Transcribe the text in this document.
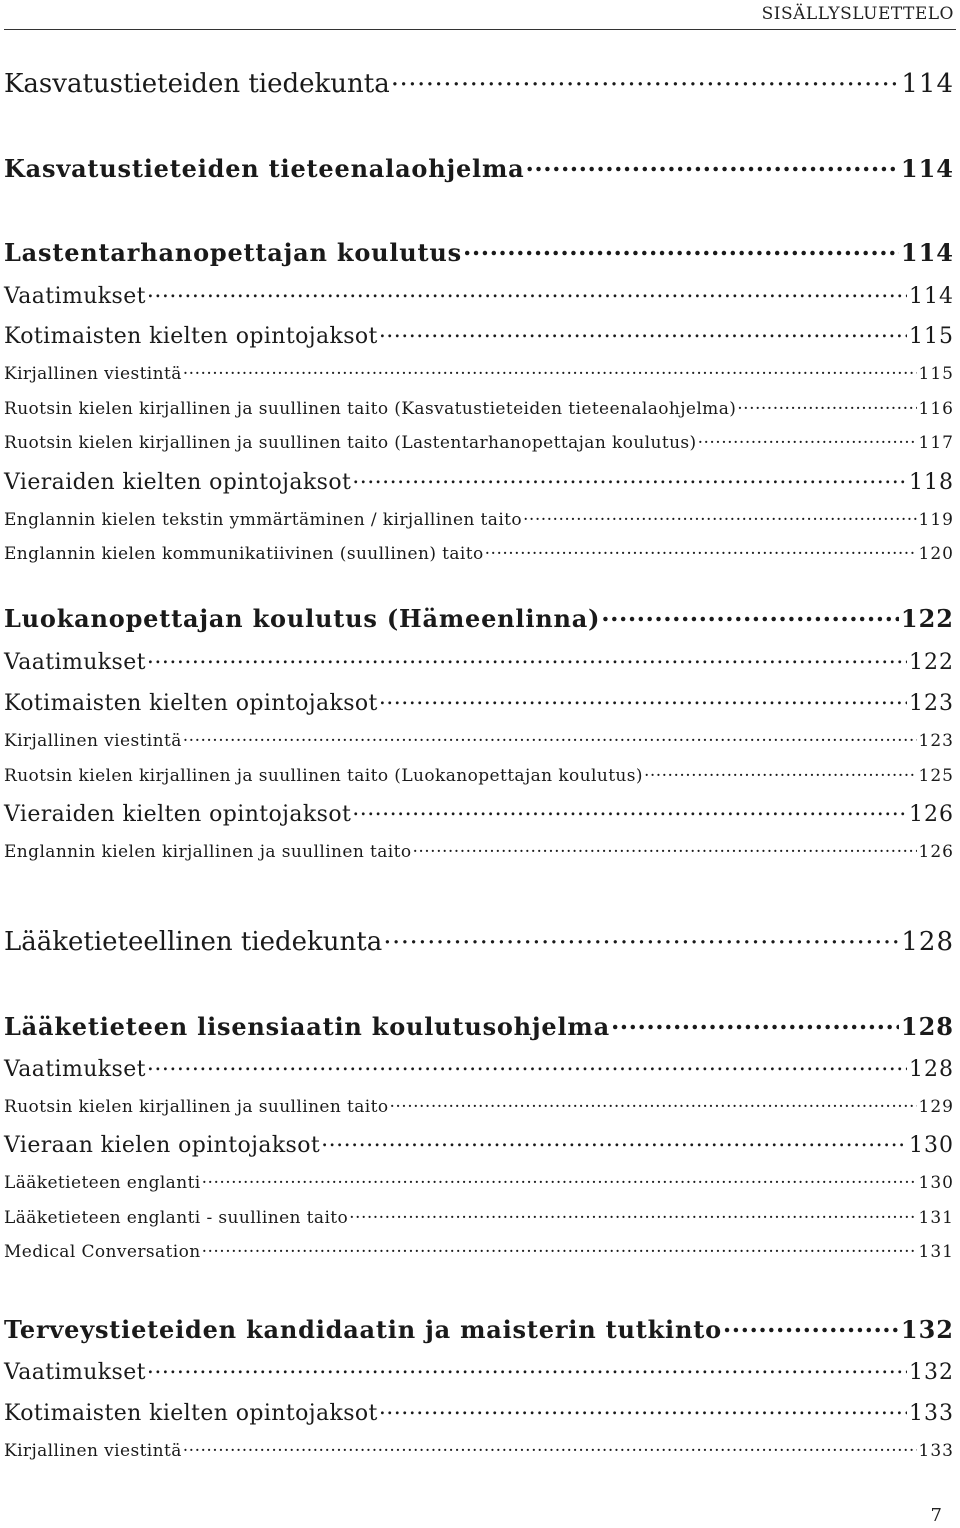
SISÄLLYSLUETTELO
Kasvatustieteiden tiedekunta .....	114
Kasvatustieteiden tieteenalaohjelma .....	114
Lastentarhanopettajan koulutus .....	114
Vaatimukset .....	114
Kotimaisten kielten opintojaksot .....	115
Kirjallinen viestintä .....	115
Ruotsin kielen kirjallinen ja suullinen taito (Kasvatustieteiden tieteenalaohjelma) .....	116
Ruotsin kielen kirjallinen ja suullinen taito (Lastentarhanopettajan koulutus) .....	117
Vieraiden kielten opintojaksot .....	118
Englannin kielen tekstin ymmärtäminen / kirjallinen taito .....	119
Englannin kielen kommunikatiivinen (suullinen) taito .....	120
Luokanopettajan koulutus (Hämeenlinna) .....	122
Vaatimukset .....	122
Kotimaisten kielten opintojaksot .....	123
Kirjallinen viestintä .....	123
Ruotsin kielen kirjallinen ja suullinen taito (Luokanopettajan koulutus) .....	125
Vieraiden kielten opintojaksot .....	126
Englannin kielen kirjallinen ja suullinen taito .....	126
Lääketieteellinen tiedekunta .....	128
Lääketieteen lisensiaatin koulutusohjelma .....	128
Vaatimukset .....	128
Ruotsin kielen kirjallinen ja suullinen taito .....	129
Vieraan kielen opintojaksot .....	130
Lääketieteen englanti .....	130
Lääketieteen englanti - suullinen taito .....	131
Medical Conversation .....	131
Terveystieteiden kandidaatin ja maisterin tutkinto .....	132
Vaatimukset .....	132
Kotimaisten kielten opintojaksot .....	133
Kirjallinen viestintä .....	133
7
